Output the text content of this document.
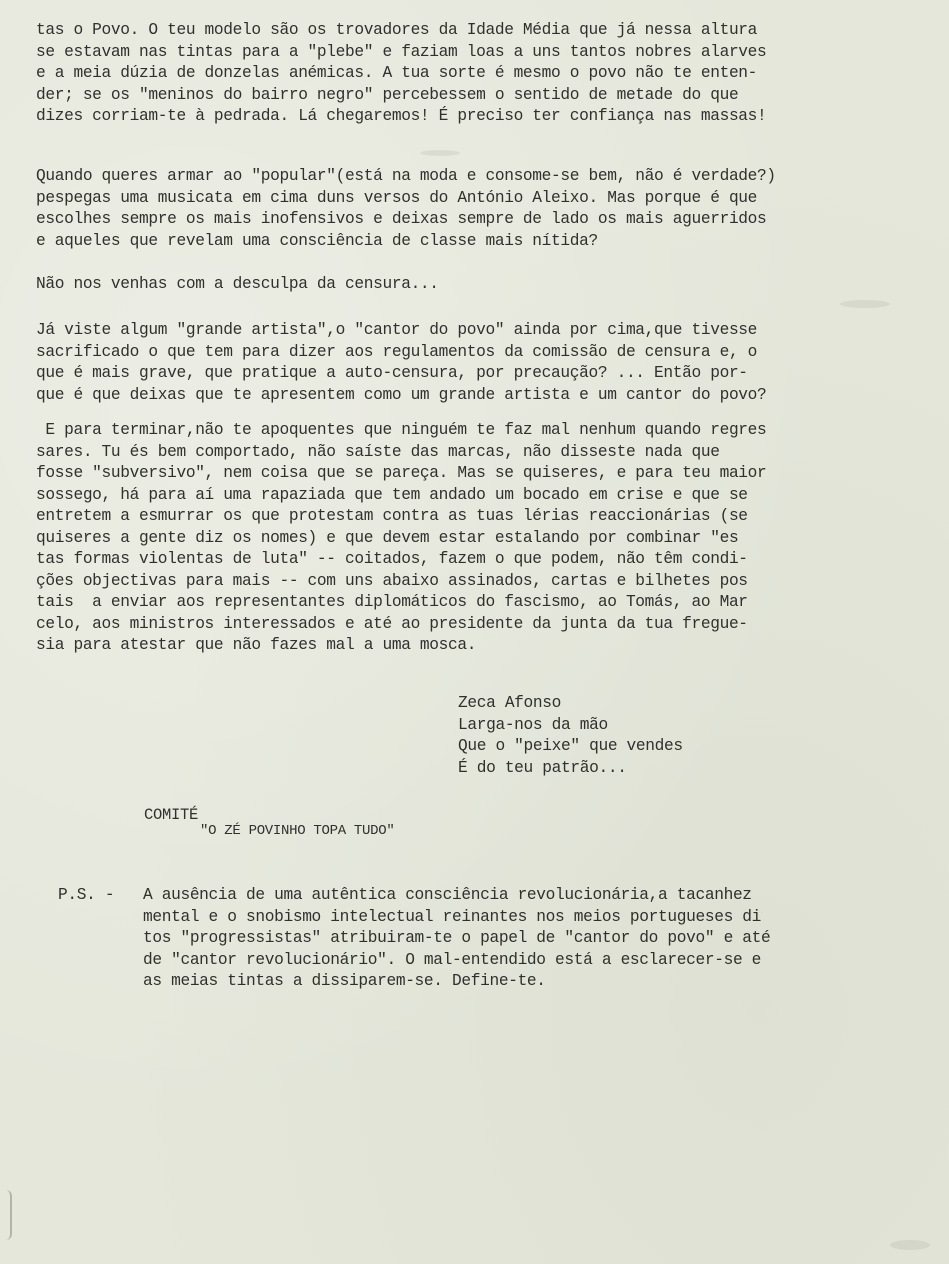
tas o Povo. O teu modelo são os trovadores da Idade Média que já nessa altura
se estavam nas tintas para a "plebe" e faziam loas a uns tantos nobres alarves
e a meia dúzia de donzelas anémicas. A tua sorte é mesmo o povo não te enten-
der; se os "meninos do bairro negro" percebessem o sentido de metade do que
dizes corriam-te à pedrada. Lá chegaremos! É preciso ter confiança nas massas!

Quando queres armar ao "popular"(está na moda e consome-se bem, não é verdade?)
pespegas uma musicata em cima duns versos do António Aleixo. Mas porque é que
escolhes sempre os mais inofensivos e deixas sempre de lado os mais aguerridos
e aqueles que revelam uma consciência de classe mais nítida?

Não nos venhas com a desculpa da censura...

Já viste algum "grande artista",o "cantor do povo" ainda por cima,que tivesse
sacrificado o que tem para dizer aos regulamentos da comissão de censura e, o
que é mais grave, que pratique a auto-censura, por precaução? ... Então por-
que é que deixas que te apresentem como um grande artista e um cantor do povo?

E para terminar,não te apoquentes que ninguém te faz mal nenhum quando regres
sares. Tu és bem comportado, não saíste das marcas, não disseste nada que
fosse "subversivo", nem coisa que se pareça. Mas se quiseres, e para teu maior
sossego, há para aí uma rapaziada que tem andado um bocado em crise e que se
entretem a esmurrar os que protestam contra as tuas lérias reaccionárias (se
quiseres a gente diz os nomes) e que devem estar estalando por combinar "es
tas formas violentas de luta" -- coitados, fazem o que podem, não têm condi-
ções objectivas para mais -- com uns abaixo assinados, cartas e bilhetes pos
tais  a enviar aos representantes diplomáticos do fascismo, ao Tomás, ao Mar
celo, aos ministros interessados e até ao presidente da junta da tua fregue-
sia para atestar que não fazes mal a uma mosca.

Zeca Afonso
Larga-nos da mão
Que o "peixe" que vendes
É do teu patrão...

COMITÉ

"O ZÉ POVINHO TOPA TUDO"

P.S. - A ausência de uma autêntica consciência revolucionária,a tacanhez
mental e o snobismo intelectual reinantes nos meios portugueses di
tos "progressistas" atribuiram-te o papel de "cantor do povo" e até
de "cantor revolucionário". O mal-entendido está a esclarecer-se e
as meias tintas a dissiparem-se. Define-te.
